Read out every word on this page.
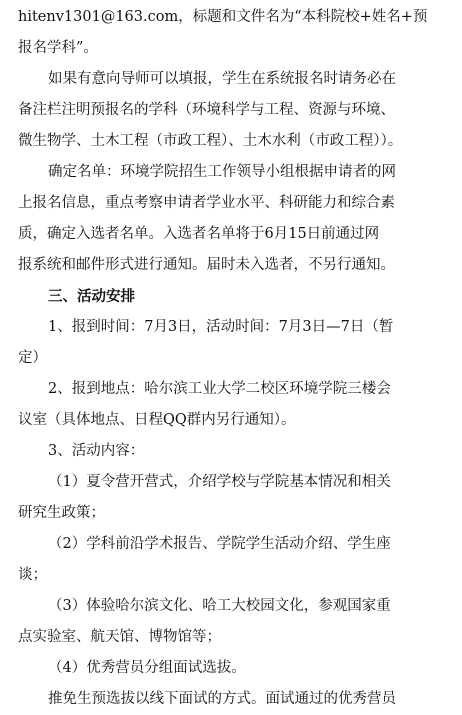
hitenv1301@163.com，标题和文件名为“本科院校+姓名+预
报名学科”。
如果有意向导师可以填报，学生在系统报名时请务必在
备注栏注明预报名的学科（环境科学与工程、资源与环境、
微生物学、土木工程（市政工程）、土木水利（市政工程））。
确定名单：环境学院招生工作领导小组根据申请者的网
上报名信息，重点考察申请者学业水平、科研能力和综合素
质，确定入选者名单。入选者名单将于6月15日前通过网
报系统和邮件形式进行通知。届时未入选者，不另行通知。
三、活动安排
1、报到时间：7月3日，活动时间：7月3日—7日（暂
定）
2、报到地点：哈尔滨工业大学二校区环境学院三楼会
议室（具体地点、日程QQ群内另行通知）。
3、活动内容：
（1）夏令营开营式，介绍学校与学院基本情况和相关
研究生政策；
（2）学科前沿学术报告、学院学生活动介绍、学生座
谈；
（3）体验哈尔滨文化、哈工大校园文化，参观国家重
点实验室、航天馆、博物馆等；
（4）优秀营员分组面试选拔。
推免生预选拔以线下面试的方式。面试通过的优秀营员
